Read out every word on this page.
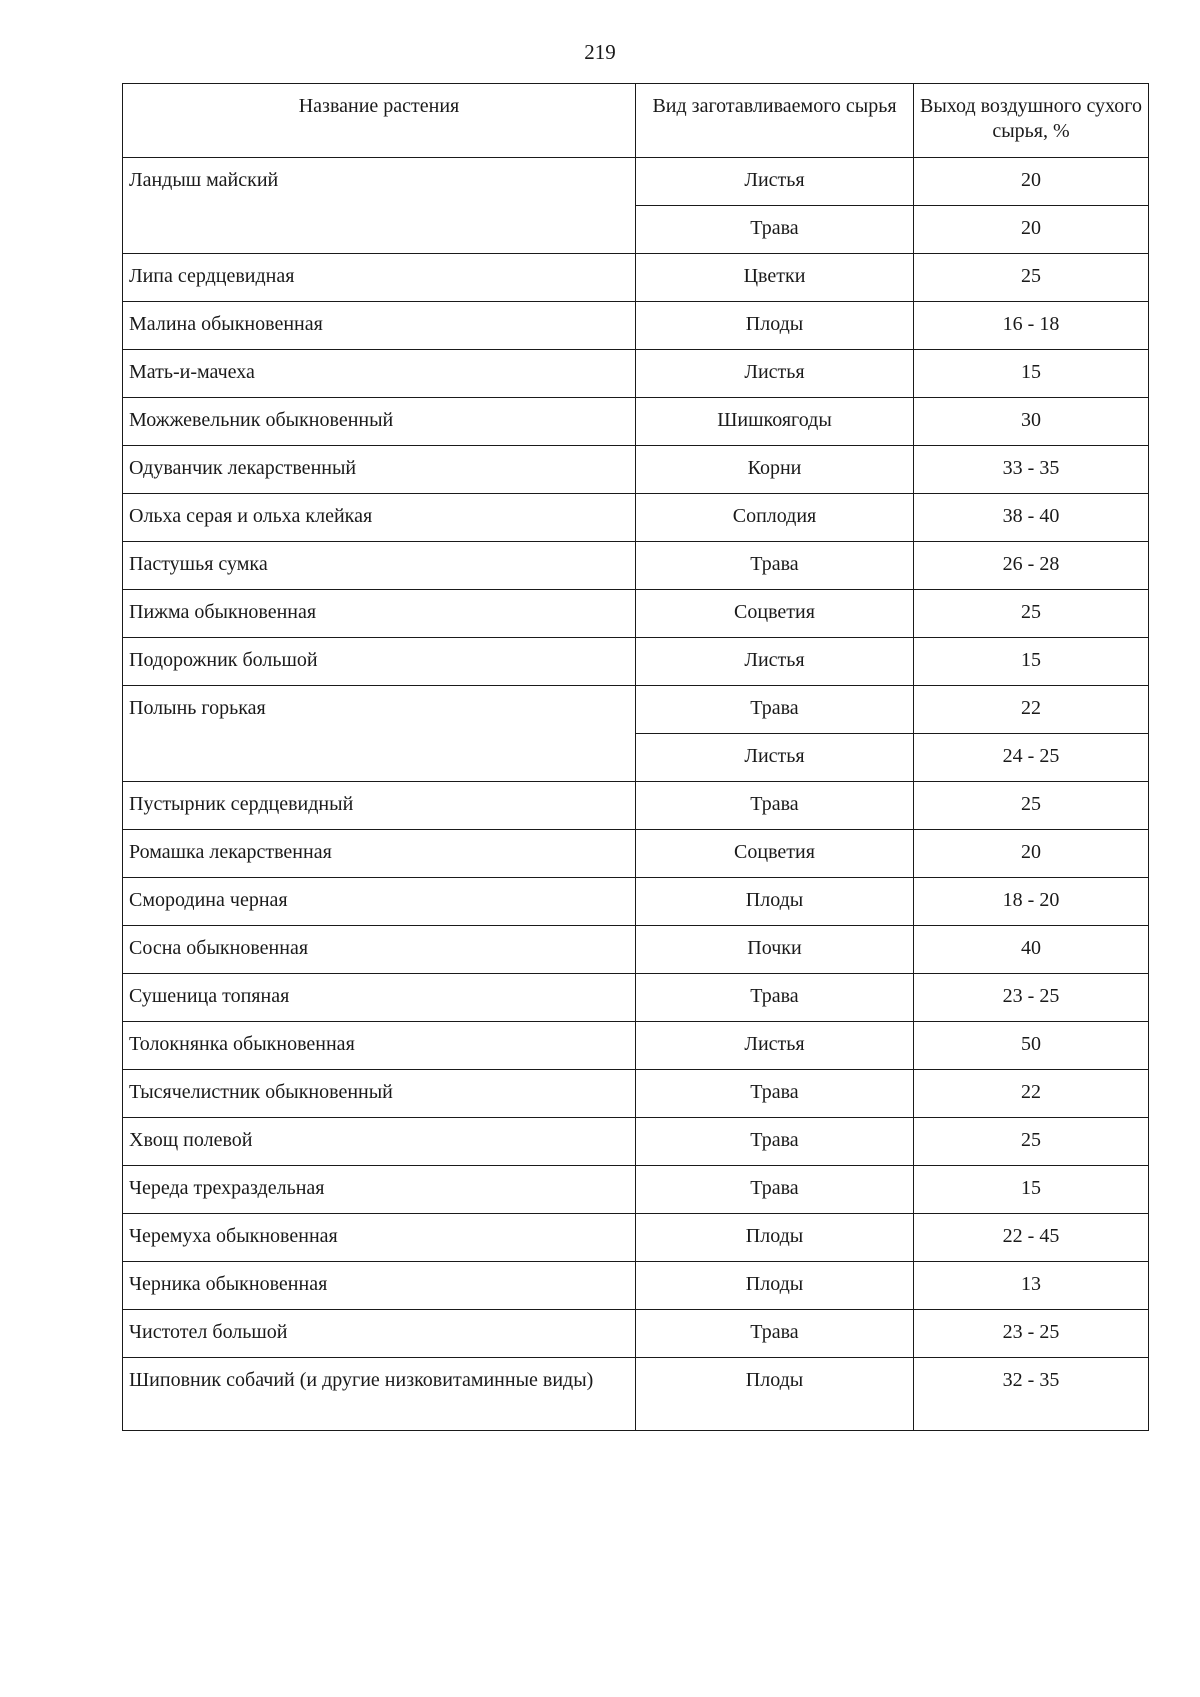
219
Название растения	Вид заготавливаемого сырья	Выход воздушного сухого сырья, %
Ландыш майский	Листья	20
	Трава	20
Липа сердцевидная	Цветки	25
Малина обыкновенная	Плоды	16 - 18
Мать-и-мачеха	Листья	15
Можжевельник обыкновенный	Шишкоягоды	30
Одуванчик лекарственный	Корни	33 - 35
Ольха серая и ольха клейкая	Соплодия	38 - 40
Пастушья сумка	Трава	26 - 28
Пижма обыкновенная	Соцветия	25
Подорожник большой	Листья	15
Полынь горькая	Трава	22
	Листья	24 - 25
Пустырник сердцевидный	Трава	25
Ромашка лекарственная	Соцветия	20
Смородина черная	Плоды	18 - 20
Сосна обыкновенная	Почки	40
Сушеница топяная	Трава	23 - 25
Толокнянка обыкновенная	Листья	50
Тысячелистник обыкновенный	Трава	22
Хвощ полевой	Трава	25
Череда трехраздельная	Трава	15
Черемуха обыкновенная	Плоды	22 - 45
Черника обыкновенная	Плоды	13
Чистотел большой	Трава	23 - 25
Шиповник собачий (и другие низковитаминные виды)	Плоды	32 - 35
